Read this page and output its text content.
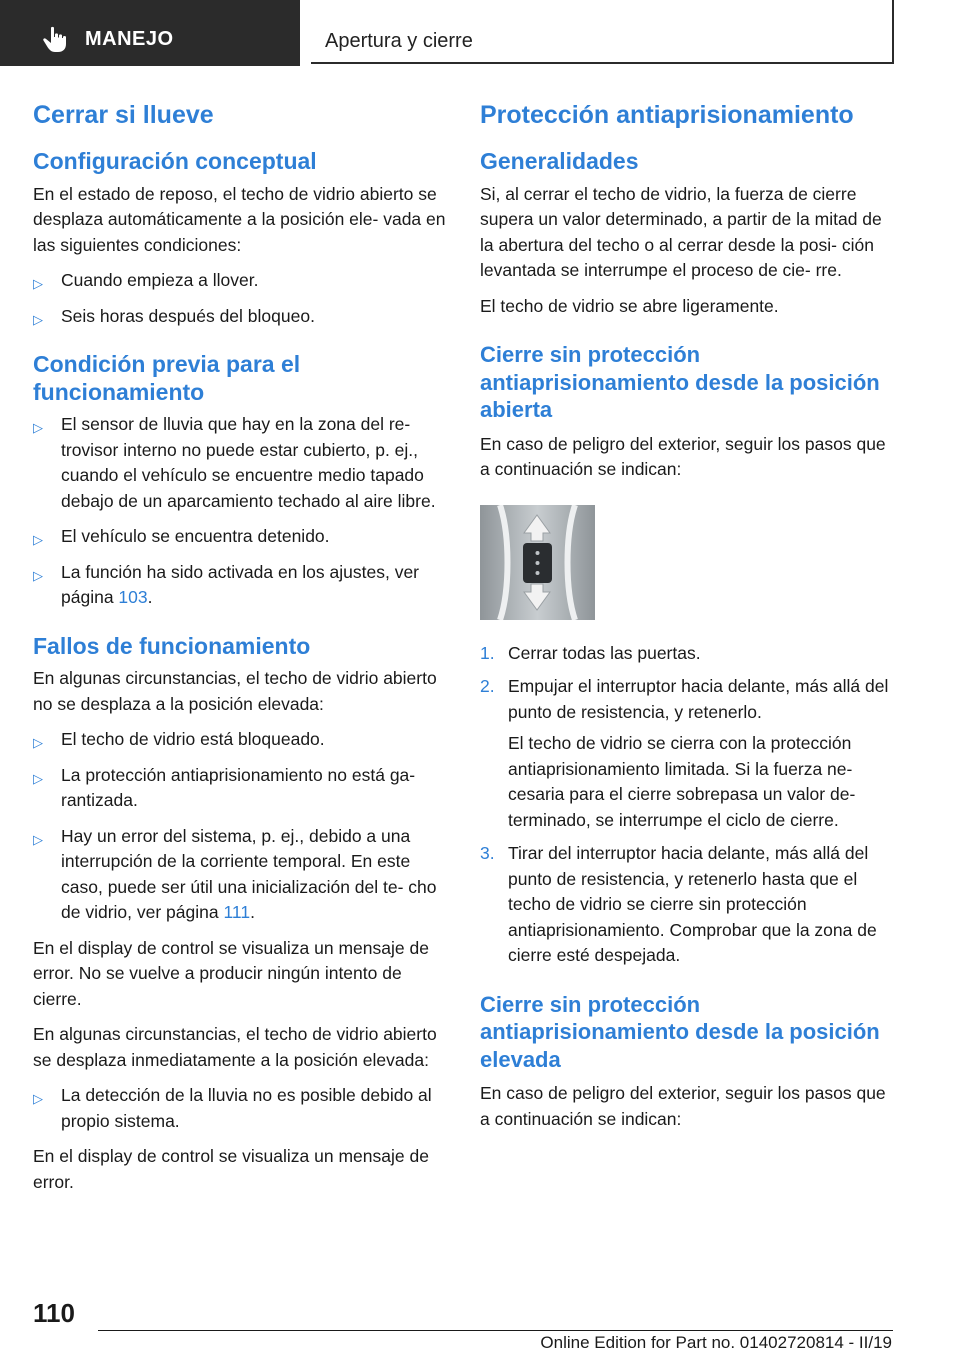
MANEJO	Apertura y cierre
Cerrar si llueve
Configuración conceptual

En el estado de reposo, el techo de vidrio abierto se desplaza automáticamente a la posición ele- vada en las siguientes condiciones:

▷ Cuando empieza a llover.
▷ Seis horas después del bloqueo.
Condición previa para el funcionamiento
▷ El sensor de lluvia que hay en la zona del re- trovisor interno no puede estar cubierto, p. ej., cuando el vehículo se encuentre medio tapado debajo de un aparcamiento techado al aire libre.
▷ El vehículo se encuentra detenido.
▷ La función ha sido activada en los ajustes, ver página 103.
Fallos de funcionamiento

En algunas circunstancias, el techo de vidrio abierto no se desplaza a la posición elevada:

▷ El techo de vidrio está bloqueado.
▷ La protección antiaprisionamiento no está ga- rantizada.
▷ Hay un error del sistema, p. ej., debido a una interrupción de la corriente temporal. En este caso, puede ser útil una inicialización del te- cho de vidrio, ver página 111.

En el display de control se visualiza un mensaje de error. No se vuelve a producir ningún intento de cierre.

En algunas circunstancias, el techo de vidrio abierto se desplaza inmediatamente a la posición elevada:

▷ La detección de la lluvia no es posible debido al propio sistema.

En el display de control se visualiza un mensaje de error.

Protección antiaprisionamiento
Generalidades

Si, al cerrar el techo de vidrio, la fuerza de cierre supera un valor determinado, a partir de la mitad de la abertura del techo o al cerrar desde la posi- ción levantada se interrumpe el proceso de cie- rre.

El techo de vidrio se abre ligeramente.

Cierre sin protección antiaprisionamiento desde la posición abierta

En caso de peligro del exterior, seguir los pasos que a continuación se indican:

1. Cerrar todas las puertas.
2. Empujar el interruptor hacia delante, más allá del punto de resistencia, y retenerlo.
El techo de vidrio se cierra con la protección antiaprisionamiento limitada. Si la fuerza ne- cesaria para el cierre sobrepasa un valor de- terminado, se interrumpe el ciclo de cierre.
3. Tirar del interruptor hacia delante, más allá del punto de resistencia, y retenerlo hasta que el techo de vidrio se cierre sin protección antiaprisionamiento. Comprobar que la zona de cierre esté despejada.
Cierre sin protección antiaprisionamiento desde la posición elevada

En caso de peligro del exterior, seguir los pasos que a continuación se indican:

110
Online Edition for Part no. 01402720814 - II/19
